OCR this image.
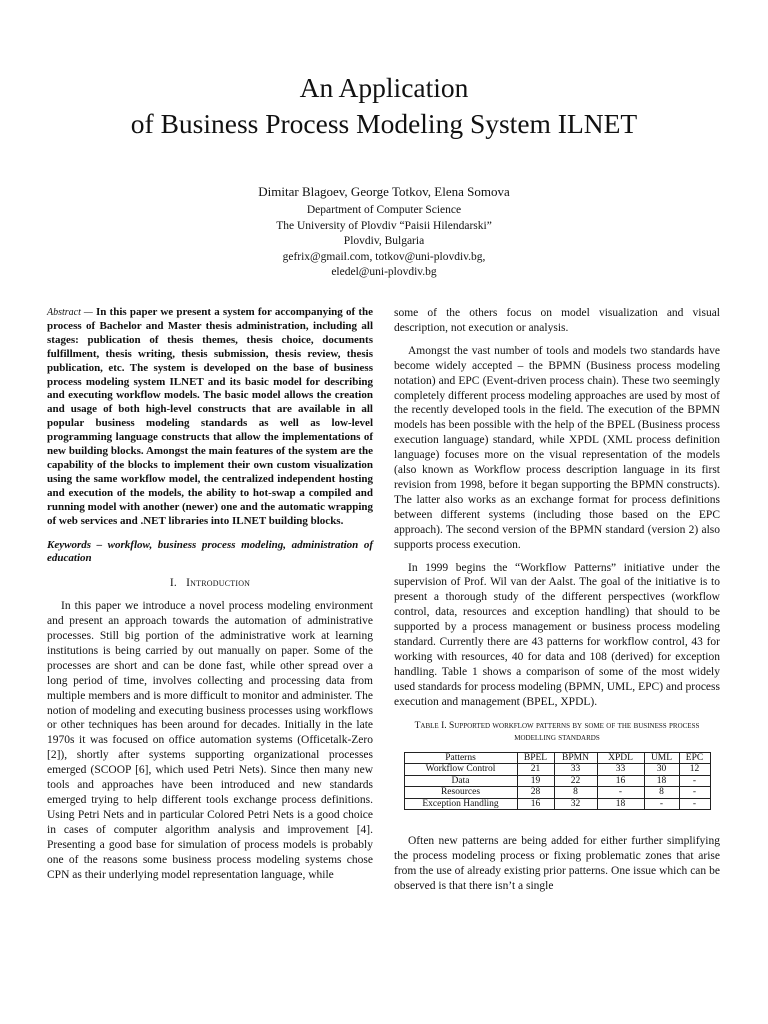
An Application
of Business Process Modeling System ILNET
Dimitar Blagoev, George Totkov, Elena Somova
Department of Computer Science
The University of Plovdiv “Paisii Hilendarski”
Plovdiv, Bulgaria
gefrix@gmail.com, totkov@uni-plovdiv.bg,
eledel@uni-plovdiv.bg

Abstract — In this paper we present a system for accompanying of the process of Bachelor and Master thesis administration, including all stages: publication of thesis themes, thesis choice, documents fulfillment, thesis writing, thesis submission, thesis review, thesis publication, etc. The system is developed on the base of business process modeling system ILNET and its basic model for describing and executing workflow models. The basic model allows the creation and usage of both high-level constructs that are available in all popular business modeling standards as well as low-level programming language constructs that allow the implementations of new building blocks. Amongst the main features of the system are the capability of the blocks to implement their own custom visualization using the same workflow model, the centralized independent hosting and execution of the models, the ability to hot-swap a compiled and running model with another (newer) one and the automatic wrapping of web services and .NET libraries into ILNET building blocks.

Keywords – workflow, business process modeling, administration of education

I. Introduction

In this paper we introduce a novel process modeling environment and present an approach towards the automation of administrative processes. Still big portion of the administrative work at learning institutions is being carried by out manually on paper. Some of the processes are short and can be done fast, while other spread over a long period of time, involves collecting and processing data from multiple members and is more difficult to monitor and administer. The notion of modeling and executing business processes using workflows or other techniques has been around for decades. Initially in the late 1970s it was focused on office automation systems (Officetalk-Zero [2]), shortly after systems supporting organizational processes emerged (SCOOP [6], which used Petri Nets). Since then many new tools and approaches have been introduced and new standards emerged trying to help different tools exchange process definitions. Using Petri Nets and in particular Colored Petri Nets is a good choice in cases of computer algorithm analysis and improvement [4]. Presenting a good base for simulation of process models is probably one of the reasons some business process modeling systems chose CPN as their underlying model representation language, while

some of the others focus on model visualization and visual description, not execution or analysis.

Amongst the vast number of tools and models two standards have become widely accepted – the BPMN (Business process modeling notation) and EPC (Event-driven process chain). These two seemingly completely different process modeling approaches are used by most of the recently developed tools in the field. The execution of the BPMN models has been possible with the help of the BPEL (Business process execution language) standard, while XPDL (XML process definition language) focuses more on the visual representation of the models (also known as Workflow process description language in its first revision from 1998, before it began supporting the BPMN constructs). The latter also works as an exchange format for process definitions between different systems (including those based on the EPC approach). The second version of the BPMN standard (version 2) also supports process execution.

In 1999 begins the “Workflow Patterns” initiative under the supervision of Prof. Wil van der Aalst. The goal of the initiative is to present a thorough study of the different perspectives (workflow control, data, resources and exception handling) that should to be supported by a process management or business process modeling standard. Currently there are 43 patterns for workflow control, 43 for working with resources, 40 for data and 108 (derived) for exception handling. Table 1 shows a comparison of some of the most widely used standards for process modeling (BPMN, UML, EPC) and process execution and management (BPEL, XPDL).

Table I. Supported workflow patterns by some of the business process modelling standards

Patterns	BPEL	BPMN	XPDL	UML	EPC
Workflow Control	21	33	33	30	12
Data	19	22	16	18	-
Resources	28	8	-	8	-
Exception Handling	16	32	18	-	-

Often new patterns are being added for either further simplifying the process modeling process or fixing problematic zones that arise from the use of already existing prior patterns. One issue which can be observed is that there isn’t a single
